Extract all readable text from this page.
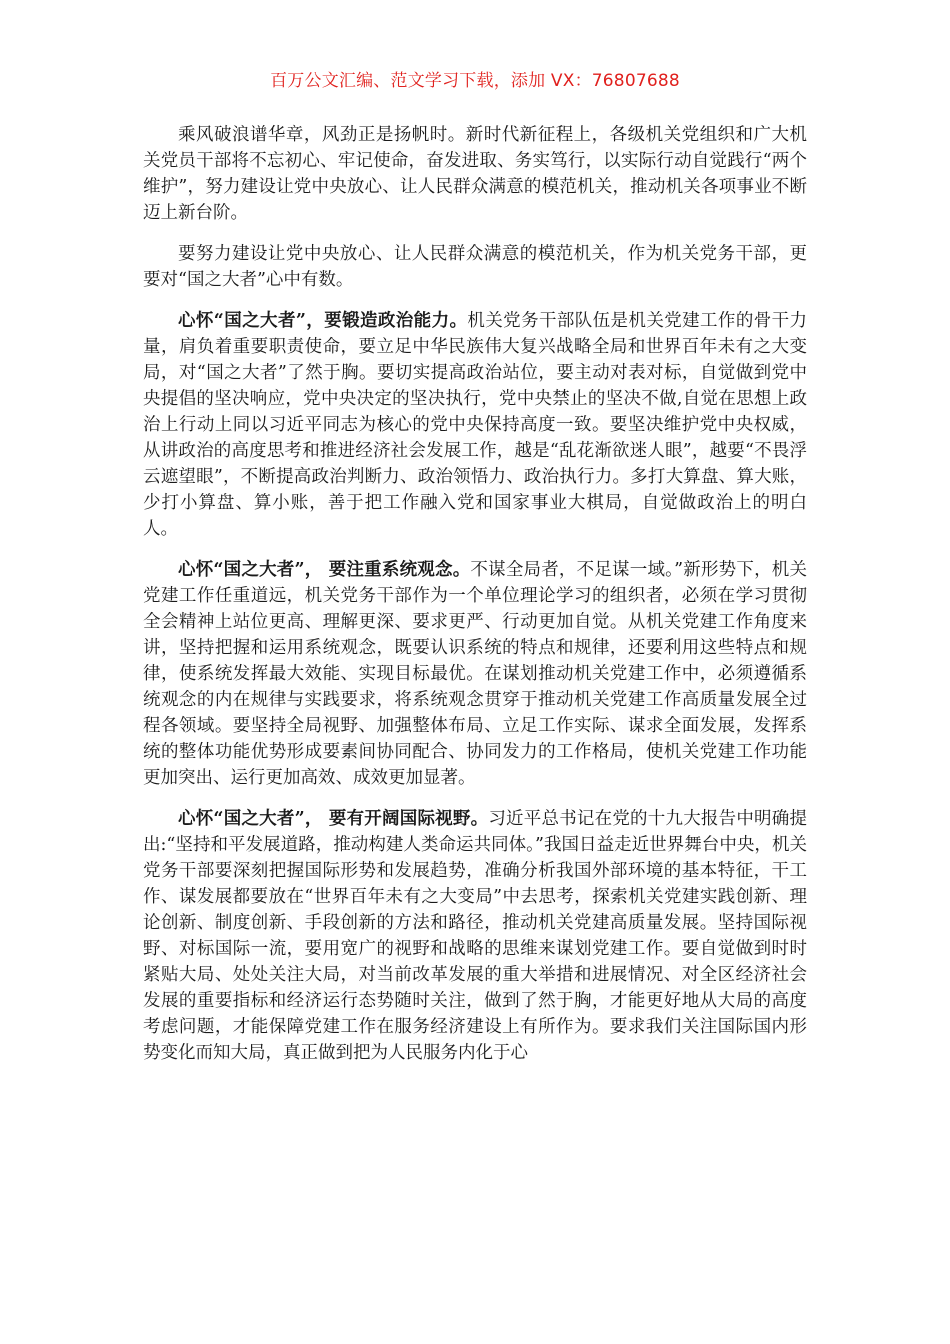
百万公文汇编、范文学习下载，添加 VX：76807688

乘风破浪谱华章，风劲正是扬帆时。新时代新征程上，各级机关党组织和广大机关党员干部将不忘初心、牢记使命，奋发进取、务实笃行，以实际行动自觉践行“两个维护”，努力建设让党中央放心、让人民群众满意的模范机关，推动机关各项事业不断迈上新台阶。

要努力建设让党中央放心、让人民群众满意的模范机关，作为机关党务干部，更要对“国之大者”心中有数。

心怀“国之大者”，要锻造政治能力。机关党务干部队伍是机关党建工作的骨干力量，肩负着重要职责使命，要立足中华民族伟大复兴战略全局和世界百年未有之大变局，对“国之大者”了然于胸。要切实提高政治站位，要主动对表对标，自觉做到党中央提倡的坚决响应，党中央决定的坚决执行，党中央禁止的坚决不做,自觉在思想上政治上行动上同以习近平同志为核心的党中央保持高度一致。要坚决维护党中央权威，从讲政治的高度思考和推进经济社会发展工作，越是“乱花渐欲迷人眼”，越要“不畏浮云遮望眼”，不断提高政治判断力、政治领悟力、政治执行力。多打大算盘、算大账，少打小算盘、算小账，善于把工作融入党和国家事业大棋局，自觉做政治上的明白人。

心怀“国之大者”， 要注重系统观念。不谋全局者，不足谋一域。”新形势下，机关党建工作任重道远，机关党务干部作为一个单位理论学习的组织者，必须在学习贯彻全会精神上站位更高、理解更深、要求更严、行动更加自觉。从机关党建工作角度来讲，坚持把握和运用系统观念，既要认识系统的特点和规律，还要利用这些特点和规律，使系统发挥最大效能、实现目标最优。在谋划推动机关党建工作中，必须遵循系统观念的内在规律与实践要求，将系统观念贯穿于推动机关党建工作高质量发展全过程各领域。要坚持全局视野、加强整体布局、立足工作实际、谋求全面发展，发挥系统的整体功能优势形成要素间协同配合、协同发力的工作格局，使机关党建工作功能更加突出、运行更加高效、成效更加显著。

心怀“国之大者”， 要有开阔国际视野。习近平总书记在党的十九大报告中明确提出:“坚持和平发展道路，推动构建人类命运共同体。”我国日益走近世界舞台中央，机关党务干部要深刻把握国际形势和发展趋势，准确分析我国外部环境的基本特征，干工作、谋发展都要放在“世界百年未有之大变局”中去思考，探索机关党建实践创新、理论创新、制度创新、手段创新的方法和路径，推动机关党建高质量发展。坚持国际视野、对标国际一流，要用宽广的视野和战略的思维来谋划党建工作。要自觉做到时时紧贴大局、处处关注大局，对当前改革发展的重大举措和进展情况、对全区经济社会发展的重要指标和经济运行态势随时关注，做到了然于胸，才能更好地从大局的高度考虑问题，才能保障党建工作在服务经济建设上有所作为。要求我们关注国际国内形势变化而知大局，真正做到把为人民服务内化于心
